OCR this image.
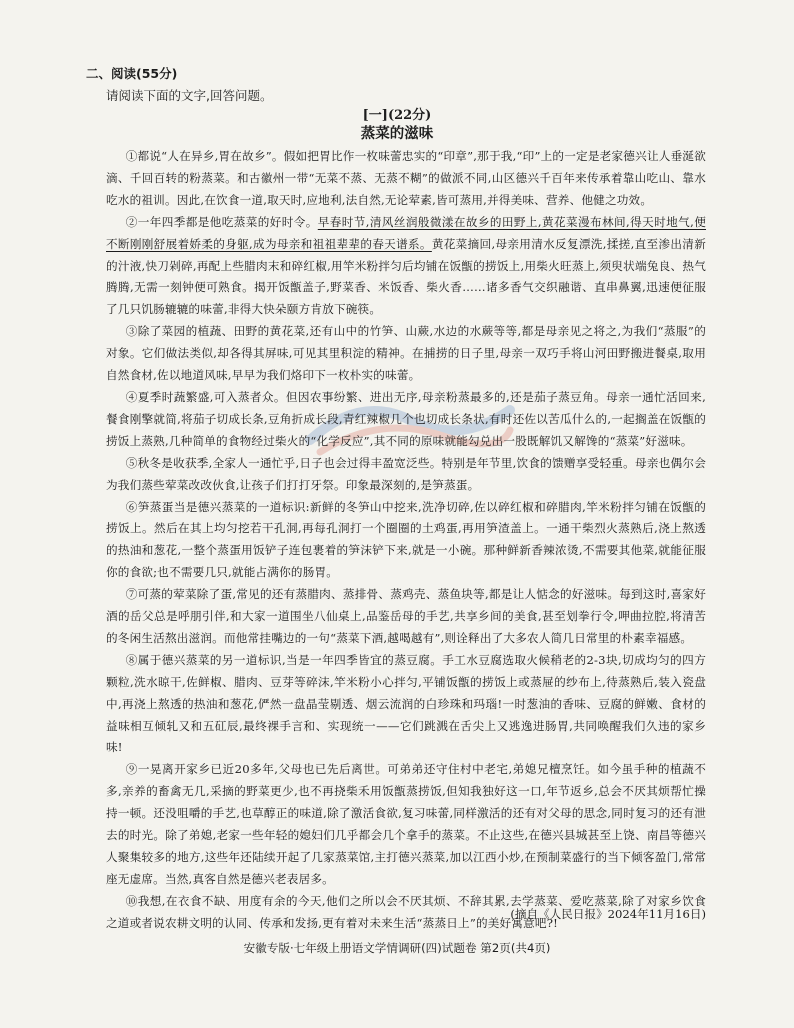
二、阅读(55分)
请阅读下面的文字,回答问题。
[一](22分)
蒸菜的滋味

①都说“人在异乡,胃在故乡”。假如把胃比作一枚味蕾忠实的“印章”,那于我,“印”上的一定是老家德兴让人垂涎欲滴、千回百转的粉蒸菜。和古徽州一带“无菜不蒸、无蒸不糊”的做派不同,山区德兴千百年来传承着靠山吃山、靠水吃水的祖训。因此,在饮食一道,取天时,应地利,法自然,无论荤素,皆可蒸用,并得美味、营养、他健之功效。

②一年四季都是他吃蒸菜的好时令。早春时节,清风丝润般微漾在故乡的田野上,黄花菜漫布林间,得天时地气,便不断刚刚舒展着娇柔的身躯,成为母亲和祖祖辈辈的春天谱系。黄花菜摘回,母亲用清水反复漂洗,揉搓,直至渗出清新的汁液,快刀剁碎,再配上些腊肉末和碎红椒,用竿米粉拌匀后均铺在饭甑的捞饭上,用柴火旺蒸上,须臾状端兔良、热气腾腾,无需一刻钟便可熟食。揭开饭甑盖子,野菜香、米饭香、柴火香……诸多香气交织融谐、直串鼻翼,迅速便征服了几只饥肠辘辘的味蕾,非得大快朵颐方肯放下碗筷。

③除了菜园的植蔬、田野的黄花菜,还有山中的竹笋、山蕨,水边的水蕨等等,都是母亲见之将之,为我们“蒸服”的对象。它们做法类似,却各得其屏味,可见其里积淀的精神。在捕捞的日子里,母亲一双巧手将山河田野搬进餐桌,取用自然食材,佐以地道风味,早早为我们烙印下一枚朴实的味蕾。

④夏季时蔬繁盛,可入蒸者众。但因农事纷繁、进出无序,母亲粉蒸最多的,还是茄子蒸豆角。母亲一通忙活回来,餐食刚擎就简,将茄子切成长条,豆角折成长段,青红辣椒几个也切成长条状,有时还佐以苦瓜什么的,一起搁盖在饭甑的捞饭上蒸熟,几种简单的食物经过柴火的“化学反应”,其不同的原味就能勾兑出一股既解饥又解馋的“蒸菜”好滋味。

⑤秋冬是收获季,全家人一通忙乎,日子也会过得丰盈宽泛些。特别是年节里,饮食的馈赠享受轻重。母亲也偶尔会为我们蒸些荤菜改改伙食,让孩子们打打牙祭。印象最深刻的,是笋蒸蛋。

⑥笋蒸蛋当是德兴蒸菜的一道标识:新鲜的冬笋山中挖来,洗净切碎,佐以碎红椒和碎腊肉,竿米粉拌匀铺在饭甑的捞饭上。然后在其上均匀挖若干孔洞,再每孔洞打一个圈圈的土鸡蛋,再用笋渣盖上。一通干柴烈火蒸熟后,浇上熬透的热油和葱花,一整个蒸蛋用饭铲子连包裹着的笋沫铲下来,就是一小碗。那种鲜新香辣浓烫,不需要其他菜,就能征服你的食欲;也不需要几只,就能占满你的肠胃。

⑦可蒸的荤菜除了蛋,常见的还有蒸腊肉、蒸排骨、蒸鸡壳、蒸鱼块等,都是让人惦念的好滋味。每到这时,喜家好酒的岳父总是呼朋引伴,和大家一道围坐八仙桌上,品鉴岳母的手艺,共享乡间的美食,甚至划拳行令,呷曲拉腔,将清苦的冬闲生活熬出滋润。而他常挂嘴边的一句“蒸菜下酒,越喝越有”,则诠释出了大多农人简几日常里的朴素幸福感。

⑧属于德兴蒸菜的另一道标识,当是一年四季皆宜的蒸豆腐。手工水豆腐选取火候稍老的2-3块,切成均匀的四方颗粒,洗水晾干,佐鲜椒、腊肉、豆芽等碎沫,竿米粉小心拌匀,平铺饭甑的捞饭上或蒸屉的纱布上,待蒸熟后,装入瓷盘中,再浇上熬透的热油和葱花,俨然一盘晶莹剔透、烟云流润的白珍珠和玛瑙!一时葱油的香味、豆腐的鲜嫩、食材的益味相互倾轧又和五矼辰,最终裸手言和、实现统一——它们跳溅在舌尖上又逃逸进肠胃,共同唤醒我们久违的家乡味!

⑨一晃离开家乡已近20多年,父母也已先后离世。可弟弟还守住村中老宅,弟媳兄檀烹饪。如今虽手种的植蔬不多,亲养的畜禽无几,采摘的野菜更少,也不再挠柴禾用饭甑蒸捞饭,但知我独好这一口,年节返乡,总会不厌其烦帮忙操持一顿。还没咀嚼的手艺,也草醇正的味道,除了激活食欲,复习味蕾,同样激活的还有对父母的思念,同时复习的还有泄去的时光。除了弟媳,老家一些年轻的媳妇们几乎都会几个拿手的蒸菜。不止这些,在德兴县城甚至上饶、南昌等德兴人聚集较多的地方,这些年还陆续开起了几家蒸菜馆,主打德兴蒸菜,加以江西小炒,在预制菜盛行的当下倾客盈门,常常座无虚席。当然,真客自然是德兴老表居多。

⑩我想,在衣食不缺、用度有余的今天,他们之所以会不厌其烦、不辞其累,去学蒸菜、爱吃蒸菜,除了对家乡饮食之道或者说农耕文明的认同、传承和发扬,更有着对未来生活“蒸蒸日上”的美好寓意吧?!

(摘自《人民日报》2024年11月16日)
安徽专版·七年级上册语文学情调研(四)试题卷 第2页(共4页)
